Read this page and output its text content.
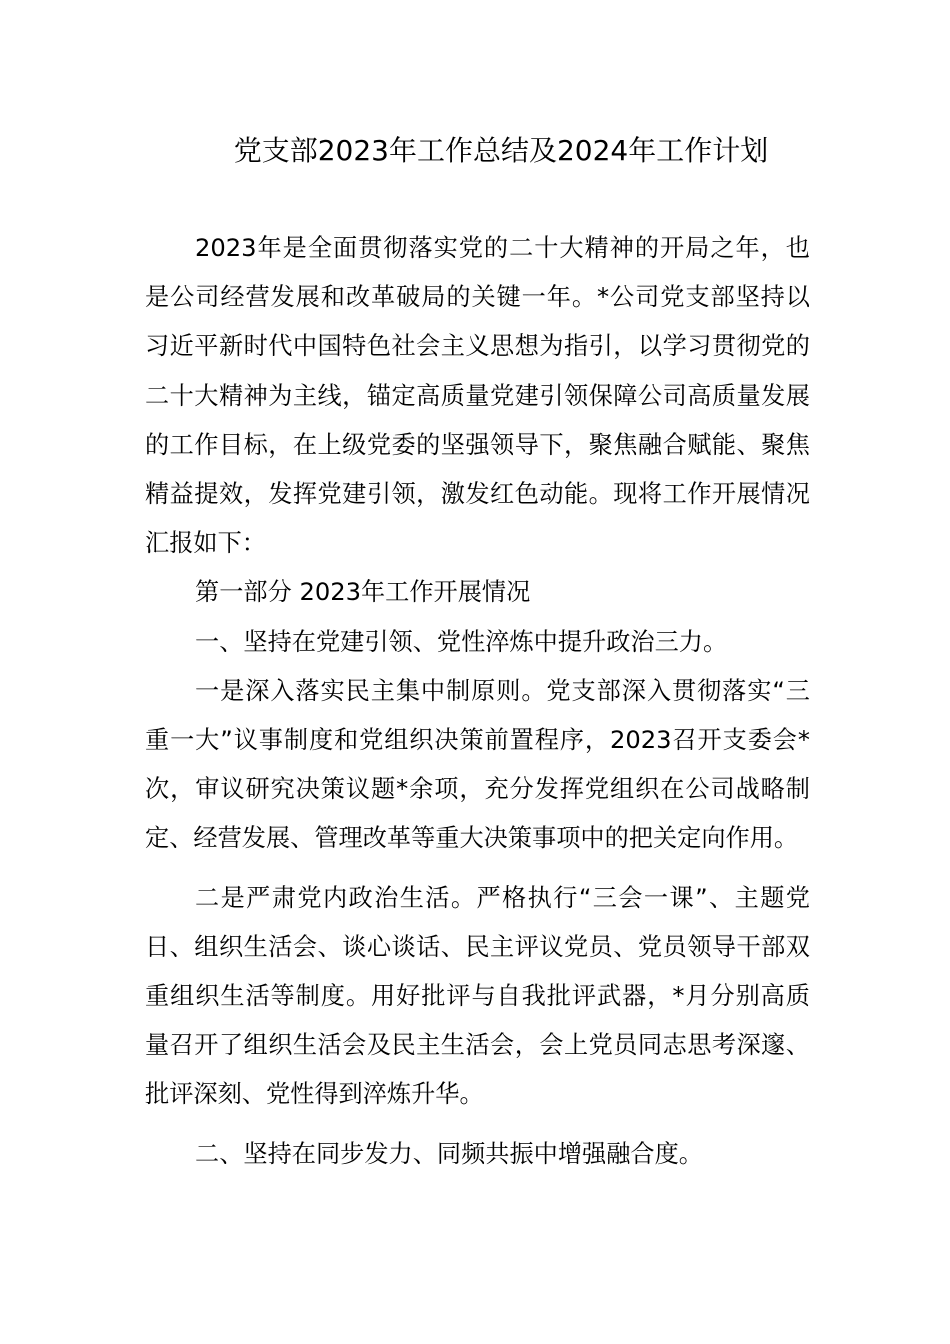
党支部2023年工作总结及2024年工作计划

2023年是全面贯彻落实党的二十大精神的开局之年，也是公司经营发展和改革破局的关键一年。*公司党支部坚持以习近平新时代中国特色社会主义思想为指引，以学习贯彻党的二十大精神为主线，锚定高质量党建引领保障公司高质量发展的工作目标，在上级党委的坚强领导下，聚焦融合赋能、聚焦精益提效，发挥党建引领，激发红色动能。现将工作开展情况汇报如下：

第一部分 2023年工作开展情况

一、坚持在党建引领、党性淬炼中提升政治三力。

一是深入落实民主集中制原则。党支部深入贯彻落实“三重一大”议事制度和党组织决策前置程序，2023召开支委会*次，审议研究决策议题*余项，充分发挥党组织在公司战略制定、经营发展、管理改革等重大决策事项中的把关定向作用。

二是严肃党内政治生活。严格执行“三会一课”、主题党日、组织生活会、谈心谈话、民主评议党员、党员领导干部双重组织生活等制度。用好批评与自我批评武器，*月分别高质量召开了组织生活会及民主生活会，会上党员同志思考深邃、批评深刻、党性得到淬炼升华。

二、坚持在同步发力、同频共振中增强融合度。
